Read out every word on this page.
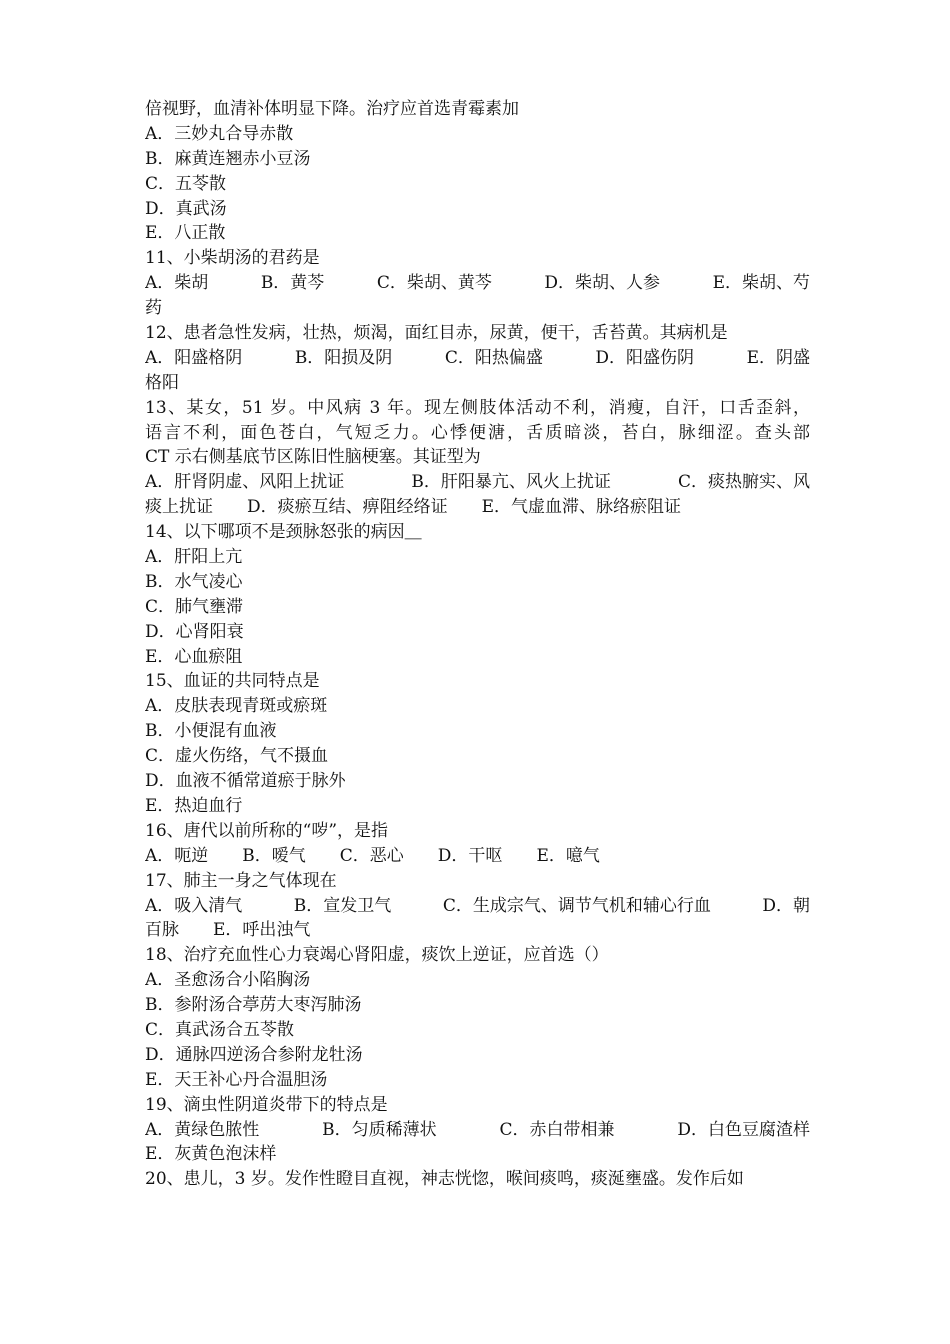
倍视野，血清补体明显下降。治疗应首选青霉素加
A．三妙丸合导赤散
B．麻黄连翘赤小豆汤
C．五苓散
D．真武汤
E．八正散
11、小柴胡汤的君药是
A．柴胡	B．黄芩	C．柴胡、黄芩	D．柴胡、人参	E．柴胡、芍
药
12、患者急性发病，壮热，烦渴，面红目赤，尿黄，便干，舌苔黄。其病机是
A．阳盛格阴	B．阳损及阴	C．阳热偏盛	D．阳盛伤阴	E．阴盛
格阳
13、某女，51 岁。中风病 3 年。现左侧肢体活动不利，消瘦，自汗，口舌歪斜，
语言不利，面色苍白，气短乏力。心悸便溏，舌质暗淡，苔白，脉细涩。查头部
CT 示右侧基底节区陈旧性脑梗塞。其证型为
A．肝肾阴虚、风阳上扰证	B．肝阳暴亢、风火上扰证	C．痰热腑实、风
痰上扰证 D．痰瘀互结、痹阻经络证 E．气虚血滞、脉络瘀阻证
14、以下哪项不是颈脉怒张的病因＿
A．肝阳上亢
B．水气凌心
C．肺气壅滞
D．心肾阳衰
E．心血瘀阻
15、血证的共同特点是
A．皮肤表现青斑或瘀斑
B．小便混有血液
C．虚火伤络，气不摄血
D．血液不循常道瘀于脉外
E．热迫血行
16、唐代以前所称的“哕”，是指
A．呃逆 B．嗳气 C．恶心 D．干呕 E．噫气
17、肺主一身之气体现在
A．吸入清气	B．宣发卫气	C．生成宗气、调节气机和辅心行血	D．朝
百脉 E．呼出浊气
18、治疗充血性心力衰竭心肾阳虚，痰饮上逆证，应首选（）
A．圣愈汤合小陷胸汤
B．参附汤合葶苈大枣泻肺汤
C．真武汤合五苓散
D．通脉四逆汤合参附龙牡汤
E．天王补心丹合温胆汤
19、滴虫性阴道炎带下的特点是
A．黄绿色脓性	B．匀质稀薄状	C．赤白带相兼	D．白色豆腐渣样
E．灰黄色泡沫样
20、患儿，3 岁。发作性瞪目直视，神志恍惚，喉间痰鸣，痰涎壅盛。发作后如
